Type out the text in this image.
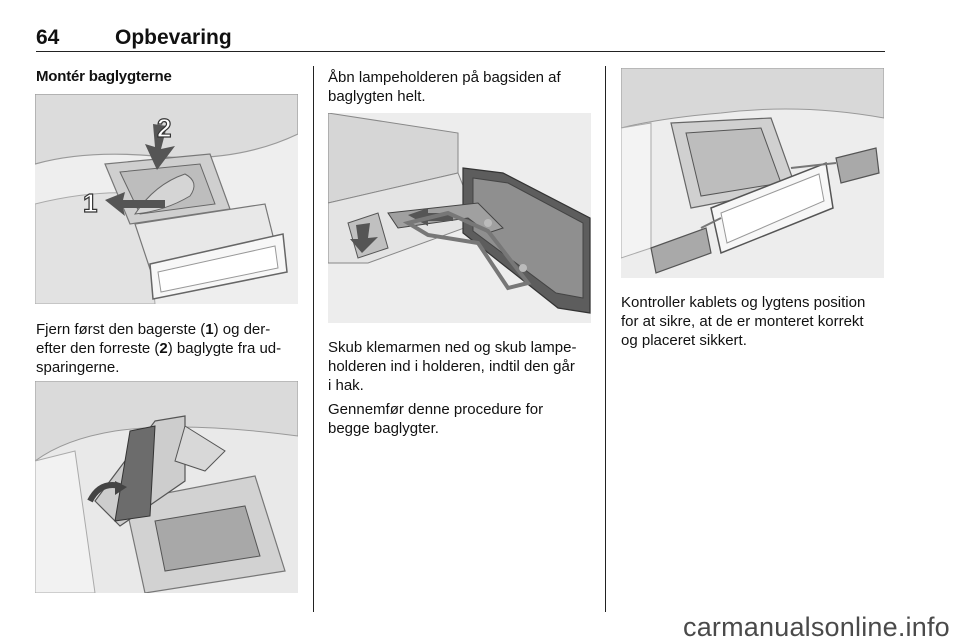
64	Opbevaring
Montér baglygterne
2
1

Fjern først den bagerste (1) og der-
efter den forreste (2) baglygte fra ud-
sparingerne.

Åbn lampeholderen på bagsiden af
baglygten helt.

Skub klemarmen ned og skub lampe-
holderen ind i holderen, indtil den går
i hak.

Gennemfør denne procedure for
begge baglygter.

Kontroller kablets og lygtens position
for at sikre, at de er monteret korrekt
og placeret sikkert.

carmanualsonline.info
